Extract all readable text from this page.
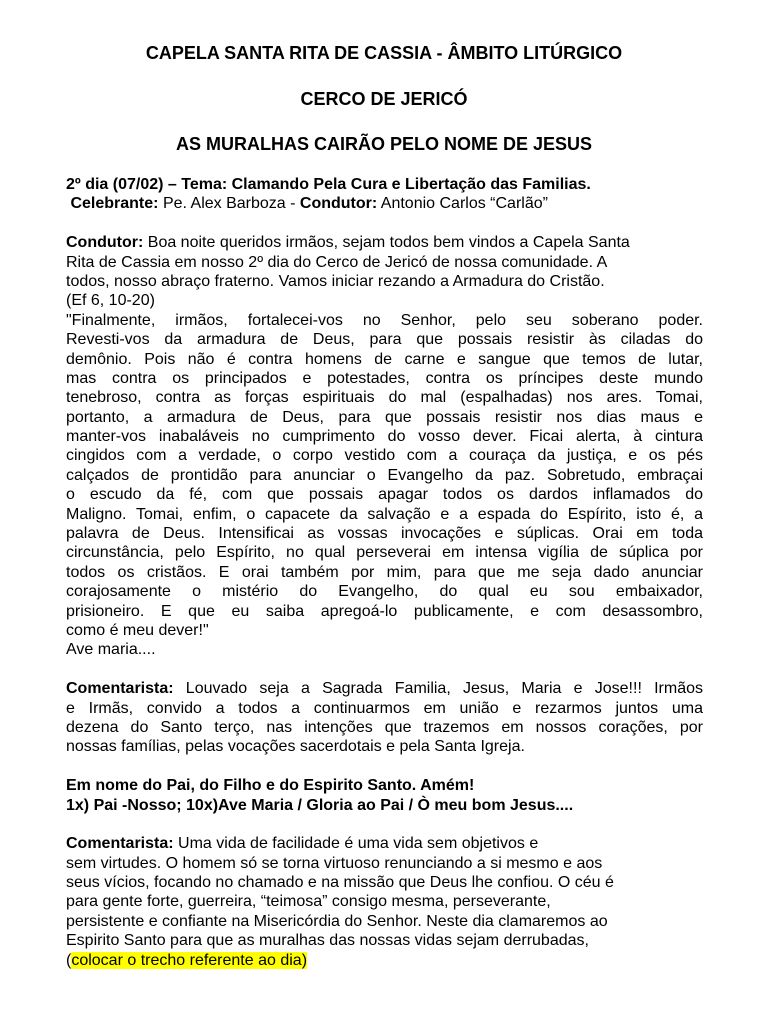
CAPELA SANTA RITA DE CASSIA - ÂMBITO LITÚRGICO
CERCO DE JERICÓ
AS MURALHAS CAIRÃO PELO NOME DE JESUS
2º dia (07/02) – Tema: Clamando Pela Cura e Libertação das Familias.
Celebrante: Pe. Alex Barboza - Condutor: Antonio Carlos “Carlão”
Condutor: Boa noite queridos irmãos, sejam todos bem vindos a Capela Santa
Rita de Cassia em nosso 2º dia do Cerco de Jericó de nossa comunidade. A
todos, nosso abraço fraterno. Vamos iniciar rezando a Armadura do Cristão.
(Ef 6, 10-20)
"Finalmente, irmãos, fortalecei-vos no Senhor, pelo seu soberano poder.
Revesti-vos da armadura de Deus, para que possais resistir às ciladas do
demônio. Pois não é contra homens de carne e sangue que temos de lutar,
mas contra os principados e potestades, contra os príncipes deste mundo
tenebroso, contra as forças espirituais do mal (espalhadas) nos ares. Tomai,
portanto, a armadura de Deus, para que possais resistir nos dias maus e
manter-vos inabaláveis no cumprimento do vosso dever. Ficai alerta, à cintura
cingidos com a verdade, o corpo vestido com a couraça da justiça, e os pés
calçados de prontidão para anunciar o Evangelho da paz. Sobretudo, embraçai
o escudo da fé, com que possais apagar todos os dardos inflamados do
Maligno. Tomai, enfim, o capacete da salvação e a espada do Espírito, isto é, a
palavra de Deus. Intensificai as vossas invocações e súplicas. Orai em toda
circunstância, pelo Espírito, no qual perseverai em intensa vigília de súplica por
todos os cristãos. E orai também por mim, para que me seja dado anunciar
corajosamente o mistério do Evangelho, do qual eu sou embaixador,
prisioneiro. E que eu saiba apregoá-lo publicamente, e com desassombro,
como é meu dever!"
Ave maria....
Comentarista: Louvado seja a Sagrada Familia, Jesus, Maria e Jose!!! Irmãos
e Irmãs, convido a todos a continuarmos em união e rezarmos juntos uma
dezena do Santo terço, nas intenções que trazemos em nossos corações, por
nossas famílias, pelas vocações sacerdotais e pela Santa Igreja.
Em nome do Pai, do Filho e do Espirito Santo. Amém!
1x) Pai -Nosso; 10x)Ave Maria / Gloria ao Pai / Ò meu bom Jesus....
Comentarista: Uma vida de facilidade é uma vida sem objetivos e
sem virtudes. O homem só se torna virtuoso renunciando a si mesmo e aos
seus vícios, focando no chamado e na missão que Deus lhe confiou. O céu é
para gente forte, guerreira, “teimosa” consigo mesma, perseverante,
persistente e confiante na Misericórdia do Senhor. Neste dia clamaremos ao
Espirito Santo para que as muralhas das nossas vidas sejam derrubadas,
(colocar o trecho referente ao dia)
